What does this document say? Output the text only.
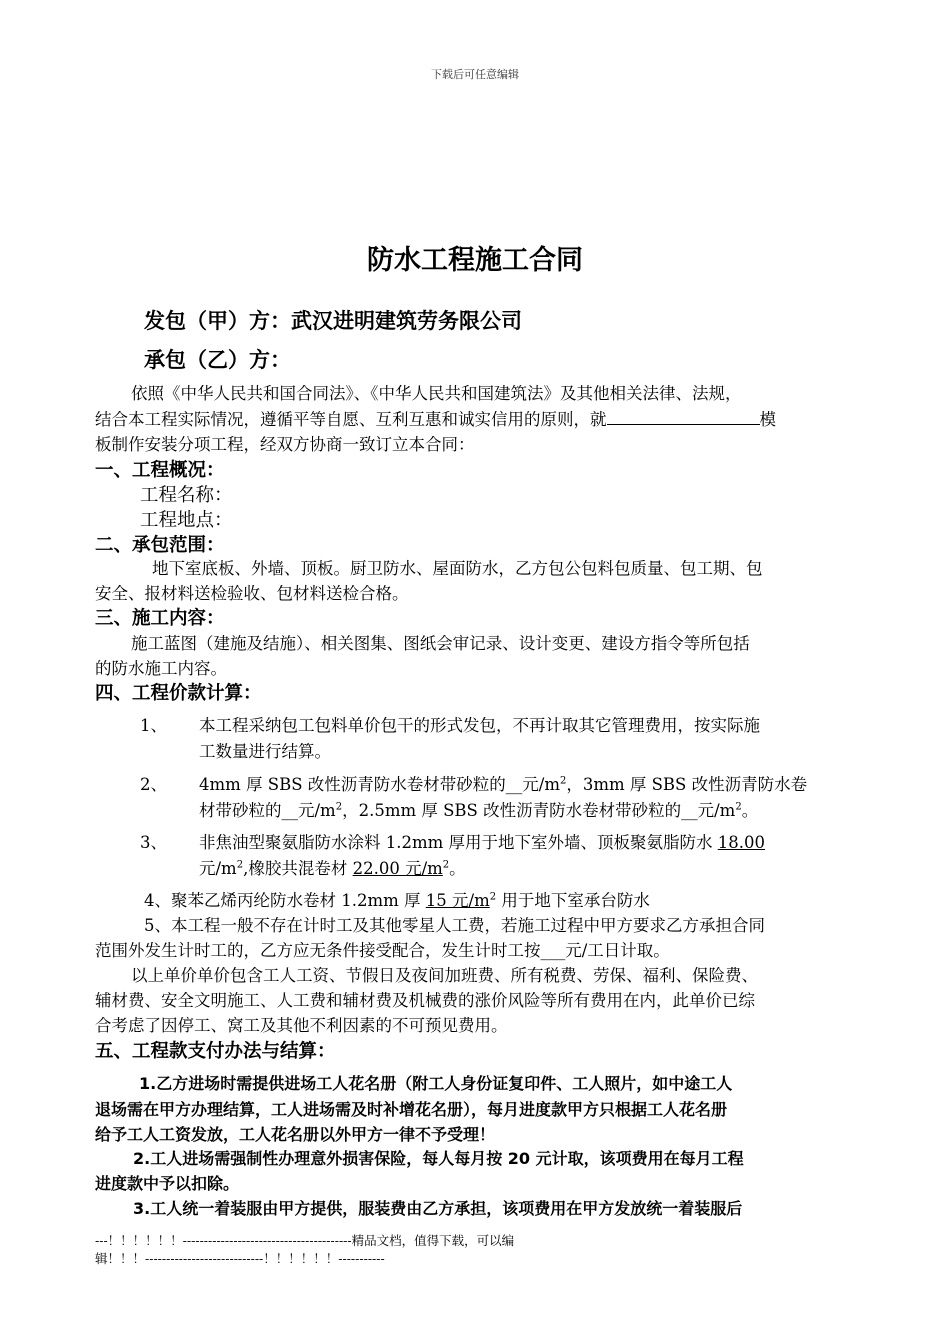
下载后可任意编辑
防水工程施工合同
发包（甲）方：武汉进明建筑劳务限公司
承包（乙）方：
依照《中华人民共和国合同法》、《中华人民共和国建筑法》及其他相关法律、法规，
结合本工程实际情况，遵循平等自愿、互利互惠和诚实信用的原则，就	模
板制作安装分项工程，经双方协商一致订立本合同：
一、工程概况：
工程名称：
工程地点：
二、承包范围：
地下室底板、外墙、顶板。厨卫防水、屋面防水，乙方包公包料包质量、包工期、包
安全、报材料送检验收、包材料送检合格。
三、施工内容：
施工蓝图（建施及结施）、相关图集、图纸会审记录、设计变更、建设方指令等所包括
的防水施工内容。
四、工程价款计算：
1、 本工程采纳包工包料单价包干的形式发包，不再计取其它管理费用，按实际施
工数量进行结算。
2、 4mm 厚 SBS 改性沥青防水卷材带砂粒的__元$/m^2$，3mm 厚 SBS 改性沥青防水卷
材带砂粒的__元$/m^2$，2.5mm 厚 SBS 改性沥青防水卷材带砂粒的__元$/m^2$。
3、 非焦油型聚氨脂防水涂料 1.2mm 厚用于地下室外墙、顶板聚氨脂防水 18.00
元$/m^2$,橡胶共混卷材 22.00 元$/m^2$。
4、聚苯乙烯丙纶防水卷材 1.2mm 厚 15 元$/m^2$ 用于地下室承台防水
5、本工程一般不存在计时工及其他零星人工费，若施工过程中甲方要求乙方承担合同
范围外发生计时工的，乙方应无条件接受配合，发生计时工按___元/工日计取。
以上单价单价包含工人工资、节假日及夜间加班费、所有税费、劳保、福利、保险费、
辅材费、安全文明施工、人工费和辅材费及机械费的涨价风险等所有费用在内，此单价已综
合考虑了因停工、窝工及其他不利因素的不可预见费用。
五、工程款支付办法与结算：
1.乙方进场时需提供进场工人花名册（附工人身份证复印件、工人照片，如中途工人
退场需在甲方办理结算，工人进场需及时补增花名册），每月进度款甲方只根据工人花名册
给予工人工资发放，工人花名册以外甲方一律不予受理！
2.工人进场需强制性办理意外损害保险，每人每月按 20 元计取，该项费用在每月工程
进度款中予以扣除。
3.工人统一着装服由甲方提供，服装费由乙方承担，该项费用在甲方发放统一着装服后
---！！！！！！----------------------------------------精品文档，值得下载，可以编
辑！！！----------------------------！！！！！！-----------
